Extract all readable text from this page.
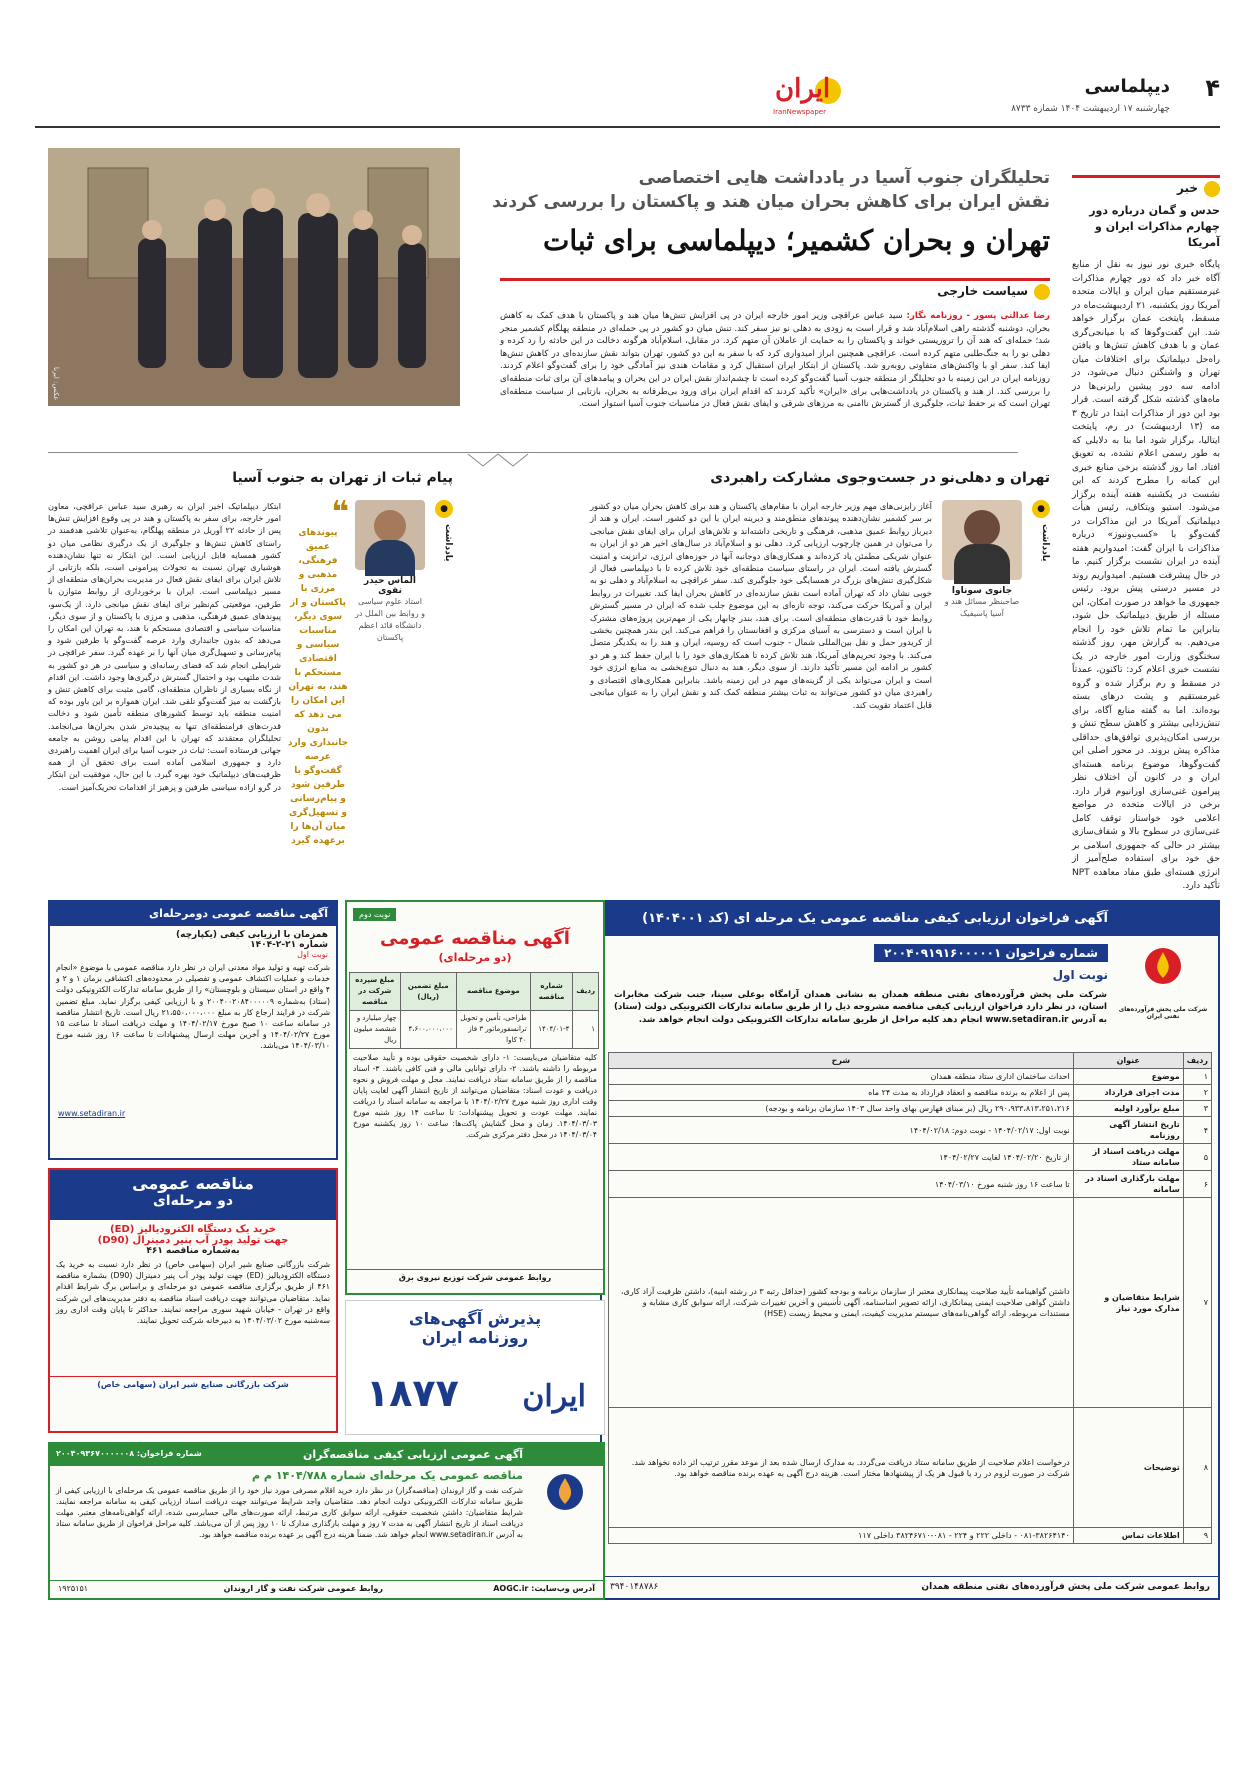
۴
دیپلماسی
چهارشنبه ۱۷ اردیبهشت ۱۴۰۴ شماره ۸۷۳۳
ایران
IranNewspaper
خبر
حدس و گمان درباره دور چهارم مذاکرات ایران و آمریکا
پایگاه خبری نور نیوز به نقل از منابع آگاه خبر داد که دور چهارم مذاکرات غیرمستقیم میان ایران و ایالات متحده آمریکا روز یکشنبه، ۲۱ اردیبهشت‌ماه در مسقط، پایتخت عمان برگزار خواهد شد. این گفت‌وگوها که با میانجی‌گری عمان و با هدف کاهش تنش‌ها و یافتن راه‌حل دیپلماتیک برای اختلافات میان تهران و واشنگتن دنبال می‌شود، در ادامه سه دور پیشین رایزنی‌ها در ماه‌های گذشته شکل گرفته است. قرار بود این دور از مذاکرات ابتدا در تاریخ ۳ مه (۱۳ اردیبهشت) در رم، پایتخت ایتالیا، برگزار شود اما بنا به دلایلی که به طور رسمی اعلام نشده، به تعویق افتاد. اما روز گذشته برخی منابع خبری این کمانه را مطرح کردند که این نشست در یکشنبه هفته آینده برگزار می‌شود. استیو ویتکاف، رئیس هیأت دیپلماتیک آمریکا در این مذاکرات در گفت‌وگو با «کسب‌ونیوز» درباره مذاکرات با ایران گفت: امیدواریم هفته آینده در ایران نشست برگزار کنیم. ما در حال پیشرفت هستیم. امیدواریم روند در مسیر درستی پیش برود. رئیس جمهوری ما خواهد در صورت امکان، این مسئله از طریق دیپلماتیک حل شود، بنابراین ما تمام تلاش خود را انجام می‌دهیم. به گزارش مهر، روز گذشته سخنگوی وزارت امور خارجه در یک نشست خبری اعلام کرد: تاکنون، عمدتاً در مسقط و رم برگزار شده و گروه غیرمستقیم و پشت درهای بسته بوده‌اند. اما به گفته منابع آگاه، برای تنش‌زدایی بیشتر و کاهش سطح تنش و بررسی امکان‌پذیری توافق‌های حداقلی مذاکره پیش بروند. در محور اصلی این گفت‌وگوها، موضوع برنامه هسته‌ای ایران و در کانون آن اختلاف نظر پیرامون غنی‌سازی اورانیوم قرار دارد. برخی در ایالات متحده در مواضع اعلامی خود خواستار توقف کامل غنی‌سازی در سطوح بالا و شفاف‌سازی بیشتر در حالی که جمهوری اسلامی بر حق خود برای استفاده صلح‌آمیز از انرژی هسته‌ای طبق مفاد معاهده NPT تأکید دارد.
عکس: ایرنا
تحلیلگران جنوب آسیا در یادداشت هایی اختصاصی
نقش ایران برای کاهش بحران میان هند و پاکستان را بررسی کردند
تهران و بحران کشمیر؛ دیپلماسی برای ثبات
سیاست خارجی
رضا عدالتی پسور - روزنامه نگار: سید عباس عراقچی وزیر امور خارجه ایران در پی افزایش تنش‌ها میان هند و پاکستان با هدف کمک به کاهش بحران، دوشنبه گذشته راهی اسلام‌آباد شد و قرار است به زودی به دهلی نو نیز سفر کند. تنش میان دو کشور در پی حمله‌ای در منطقه پهلگام کشمیر منجر شد؛ حمله‌ای که هند آن را تروریستی خواند و پاکستان را به حمایت از عاملان آن متهم کرد. در مقابل، اسلام‌آباد هرگونه دخالت در این حادثه را رد کرده و دهلی نو را به جنگ‌طلبی متهم کرده است. عراقچی همچنین ابراز امیدواری کرد که با سفر به این دو کشور، تهران بتواند نقش سازنده‌ای در کاهش تنش‌ها ایفا کند. سفر او با واکنش‌های متفاوتی روبه‌رو شد. پاکستان از ابتکار ایران استقبال کرد و مقامات هندی نیز آمادگی خود را برای گفت‌وگو اعلام کردند. روزنامه ایران در این زمینه با دو تحلیلگر از منطقه جنوب آسیا گفت‌وگو کرده است تا چشم‌انداز نقش ایران در این بحران و پیامدهای آن برای ثبات منطقه‌ای را بررسی کند. از هند و پاکستان در یادداشت‌هایی برای «ایران» تأکید کردند که اقدام ایران برای ورود بی‌طرفانه به بحران، بازتابی از سیاست منطقه‌ای تهران است که بر حفظ ثبات، جلوگیری از گسترش ناامنی به مرزهای شرقی و ایفای نقش فعال در مناسبات جنوب آسیا استوار است.
تهران و دهلی‌نو در جست‌وجوی مشارکت راهبردی
●
یادداشت
جانوی سوناوا
صاحبنظر مسائل هند و آسیا پاسیفیک
آغاز رایزنی‌های مهم وزیر خارجه ایران با مقام‌های پاکستان و هند برای کاهش بحران میان دو کشور بر سر کشمیر نشان‌دهنده پیوندهای منطق‌مند و دیرینه ایران با این دو کشور است. ایران و هند از دیرباز روابط عمیق مذهبی، فرهنگی و تاریخی داشته‌اند و تلاش‌های ایران برای ایفای نقش میانجی را می‌توان در همین چارچوب ارزیابی کرد. دهلی نو و اسلام‌آباد در سال‌های اخیر هر دو از ایران به عنوان شریکی مطمئن یاد کرده‌اند و همکاری‌های دوجانبه آنها در حوزه‌های انرژی، ترانزیت و امنیت گسترش یافته است. ایران در راستای سیاست منطقه‌ای خود تلاش کرده تا با دیپلماسی فعال از شکل‌گیری تنش‌های بزرگ در همسایگی خود جلوگیری کند. سفر عراقچی به اسلام‌آباد و دهلی نو به خوبی نشان داد که تهران آماده است نقش سازنده‌ای در کاهش بحران ایفا کند. تغییرات در روابط ایران و آمریکا حرکت می‌کند، توجه تازه‌ای به این موضوع جلب شده که ایران در مسیر گسترش روابط خود با قدرت‌های منطقه‌ای است. برای هند، بندر چابهار یکی از مهم‌ترین پروژه‌های مشترک با ایران است و دسترسی به آسیای مرکزی و افغانستان را فراهم می‌کند. این بندر همچنین بخشی از کریدور حمل و نقل بین‌المللی شمال - جنوب است که روسیه، ایران و هند را به یکدیگر متصل می‌کند. با وجود تحریم‌های آمریکا، هند تلاش کرده تا همکاری‌های خود را با ایران حفظ کند و هر دو کشور بر ادامه این مسیر تأکید دارند. از سوی دیگر، هند به دنبال تنوع‌بخشی به منابع انرژی خود است و ایران می‌تواند یکی از گزینه‌های مهم در این زمینه باشد. بنابراین همکاری‌های اقتصادی و راهبردی میان دو کشور می‌تواند به ثبات بیشتر منطقه کمک کند و نقش ایران را به عنوان میانجی قابل اعتماد تقویت کند.
پیام ثبات از تهران به جنوب آسیا
●
یادداشت
الماس حیدر نقوی
استاد علوم سیاسی و روابط بین الملل در دانشگاه قائد اعظم پاکستان
❝
پیوندهای عمیق فرهنگی، مذهبی و مرزی با پاکستان و از سوی دیگر، مناسبات سیاسی و اقتصادی مستحکم با هند، به تهران این امکان را می دهد که بدون جانبداری وارد عرصه گفت‌وگو با طرفین شود و پیام‌رسانی و تسهیل‌گری میان آن‌ها را برعهده گیرد
ابتکار دیپلماتیک اخیر ایران به رهبری سید عباس عراقچی، معاون امور خارجه، برای سفر به پاکستان و هند در پی وقوع افزایش تنش‌ها پس از حادثه ۲۲ آوریل در منطقه پهلگام، به‌عنوان تلاشی هدفمند در راستای کاهش تنش‌ها و جلوگیری از یک درگیری نظامی میان دو کشور همسایه قابل ارزیابی است. این ابتکار نه تنها نشان‌دهنده هوشیاری تهران نسبت به تحولات پیرامونی است، بلکه بازتابی از تلاش ایران برای ایفای نقش فعال در مدیریت بحران‌های منطقه‌ای از مسیر دیپلماسی است. ایران با برخورداری از روابط متوازن با طرفین، موقعیتی کم‌نظیر برای ایفای نقش میانجی دارد. از یک‌سو، پیوندهای عمیق فرهنگی، مذهبی و مرزی با پاکستان و از سوی دیگر، مناسبات سیاسی و اقتصادی مستحکم با هند، به تهران این امکان را می‌دهد که بدون جانبداری وارد عرصه گفت‌وگو با طرفین شود و پیام‌رسانی و تسهیل‌گری میان آنها را بر عهده گیرد. سفر عراقچی در شرایطی انجام شد که فضای رسانه‌ای و سیاسی در هر دو کشور به شدت ملتهب بود و احتمال گسترش درگیری‌ها وجود داشت. این اقدام از نگاه بسیاری از ناظران منطقه‌ای، گامی مثبت برای کاهش تنش و بازگشت به میز گفت‌وگو تلقی شد. ایران همواره بر این باور بوده که امنیت منطقه باید توسط کشورهای منطقه تأمین شود و دخالت قدرت‌های فرامنطقه‌ای تنها به پیچیده‌تر شدن بحران‌ها می‌انجامد. تحلیلگران معتقدند که تهران با این اقدام پیامی روشن به جامعه جهانی فرستاده است: ثبات در جنوب آسیا برای ایران اهمیت راهبردی دارد و جمهوری اسلامی آماده است برای تحقق آن از همه ظرفیت‌های دیپلماتیک خود بهره گیرد. با این حال، موفقیت این ابتکار در گرو اراده سیاسی طرفین و پرهیز از اقدامات تحریک‌آمیز است.
آگهی فراخوان ارزیابی کیفی مناقصه عمومی یک مرحله ای (کد ۱۴۰۴۰۰۱)
شرکت ملی پخش فرآورده‌های نفتی ایران
شماره فراخوان ۲۰۰۴۰۹۱۹۱۶۰۰۰۰۰۱
نوبت اول
شرکت ملی پخش فرآورده‌های نفتی منطقه همدان به نشانی همدان آرامگاه بوعلی سینا، جنب شرکت مخابرات استان، در نظر دارد فراخوان ارزیابی کیفی مناقصه مشروحه ذیل را از طریق سامانه تدارکات الکترونیکی دولت (ستاد) به آدرس www.setadiran.ir انجام دهد کلیه مراحل از طریق سامانه تدارکات الکترونیکی دولت انجام خواهد شد.
ردیف	عنوان	شرح
۱	موضوع	احداث ساختمان اداری ستاد منطقه همدان
۲	مدت اجرای قرارداد	پس از اعلام به برنده مناقصه و انعقاد قرارداد به مدت ۲۴ ماه
۳	مبلغ برآورد اولیه	۲۹۰،۹۳۳،۸۱۳،۲۵۱،۲۱۶ ریال (بر مبنای فهارس بهای واحد سال ۱۴۰۳ سازمان برنامه و بودجه)
۴	تاریخ انتشار آگهی روزنامه	نوبت اول: ۱۴۰۴/۰۲/۱۷ - نوبت دوم: ۱۴۰۴/۰۲/۱۸
۵	مهلت دریافت اسناد از سامانه ستاد	از تاریخ ۱۴۰۴/۰۲/۲۰ لغایت ۱۴۰۴/۰۲/۲۷
۶	مهلت بارگذاری اسناد در سامانه	تا ساعت ۱۶ روز شنبه مورخ ۱۴۰۴/۰۳/۱۰
۷	شرایط متقاضیان و مدارک مورد نیاز	داشتن گواهینامه تأیید صلاحیت پیمانکاری معتبر از سازمان برنامه و بودجه کشور (حداقل رتبه ۳ در رشته ابنیه)، داشتن ظرفیت آزاد کاری، داشتن گواهی صلاحیت ایمنی پیمانکاری، ارائه تصویر اساسنامه، آگهی تأسیس و آخرین تغییرات شرکت، ارائه سوابق کاری مشابه و مستندات مربوطه، ارائه گواهی‌نامه‌های سیستم مدیریت کیفیت، ایمنی و محیط زیست (HSE)
۸	توضیحات	درخواست اعلام صلاحیت از طریق سامانه ستاد دریافت می‌گردد. به مدارک ارسال شده بعد از موعد مقرر ترتیب اثر داده نخواهد شد. شرکت در صورت لزوم در رد یا قبول هر یک از پیشنهادها مختار است. هزینه درج آگهی به عهده برنده مناقصه خواهد بود.
۹	اطلاعات تماس	۰۸۱-۳۸۲۶۴۱۴۰ - داخلی ۲۲۲ و ۲۲۴ - ۰۸۱-۳۸۲۴۶۷۱۰ داخلی ۱۱۷
روابط عمومی شرکت ملی پخش فرآورده‌های نفتی منطقه همدان
۳۹۴۰۱۴۸۷۸۶
نوبت دوم
آگهی مناقصه عمومی
(دو مرحله‌ای)
ردیف	شماره مناقصه	موضوع مناقصه	مبلغ تضمین (ریال)	مبلغ سپرده شرکت در مناقصه
۱	۱۴۰۴/۰۱-۴	طراحی، تأمین و تحویل ترانسفورماتور ۳ فاز ۴۰ کاوا	۴،۶۰۰،۰۰۰،۰۰۰	چهار میلیارد و ششصد میلیون ریال
کلیه متقاضیان می‌بایست: ۱- دارای شخصیت حقوقی بوده و تأیید صلاحیت مربوطه را داشته باشند. ۲- دارای توانایی مالی و فنی کافی باشند. ۳- اسناد مناقصه را از طریق سامانه ستاد دریافت نمایند. محل و مهلت فروش و نحوه دریافت و عودت اسناد: متقاضیان می‌توانند از تاریخ انتشار آگهی لغایت پایان وقت اداری روز شنبه مورخ ۱۴۰۴/۰۲/۲۷ با مراجعه به سامانه اسناد را دریافت نمایند. مهلت عودت و تحویل پیشنهادات: تا ساعت ۱۴ روز شنبه مورخ ۱۴۰۴/۰۳/۰۳. زمان و محل گشایش پاکت‌ها: ساعت ۱۰ روز یکشنبه مورخ ۱۴۰۴/۰۳/۰۴ در محل دفتر مرکزی شرکت.
روابط عمومی شرکت توزیع نیروی برق
پذیرش آگهی‌های
روزنامه ایران
۱۸۷۷ ایران
آگهی مناقصه عمومی دومرحله‌ای
همزمان با ارزیابی کیفی (یکپارچه)
شماره ۲۱-۲-۱۴۰۴
نوبت اول
شرکت تهیه و تولید مواد معدنی ایران در نظر دارد مناقصه عمومی با موضوع «انجام خدمات و عملیات اکتشاف عمومی و تفصیلی در محدوده‌های اکتشافی بزمان ۱ و ۲ و ۴ واقع در استان سیستان و بلوچستان» را از طریق سامانه تدارکات الکترونیکی دولت (ستاد) به‌شماره ۲۰۰۴۰۰۲۰۸۴۰۰۰۰۰۹ و با ارزیابی کیفی برگزار نماید. مبلغ تضمین شرکت در فرایند ارجاع کار به مبلغ ۲۱،۵۵۰،۰۰۰،۰۰۰ ریال است. تاریخ انتشار مناقصه در سامانه ساعت ۱۰ صبح مورخ ۱۴۰۴/۰۲/۱۷ و مهلت دریافت اسناد تا ساعت ۱۵ مورخ ۱۴۰۴/۰۲/۲۷ و آخرین مهلت ارسال پیشنهادات تا ساعت ۱۶ روز شنبه مورخ ۱۴۰۴/۰۳/۱۰ می‌باشد.
www.setadiran.ir
مناقصه عمومی
دو مرحله‌ای
خرید یک دستگاه الکترودیالیز (ED)
جهت تولید پودر آب پنیر دمینرال (D90)
به‌شماره مناقصه ۴۶۱
شرکت بازرگانی صنایع شیر ایران (سهامی خاص) در نظر دارد نسبت به خرید یک دستگاه الکترودیالیز (ED) جهت تولید پودر آب پنیر دمینرال (D90) بشماره مناقصه ۴۶۱ از طریق برگزاری مناقصه عمومی دو مرحله‌ای و براساس برگ شرایط اقدام نماید. متقاضیان می‌توانند جهت دریافت اسناد مناقصه به دفتر مدیریت‌های این شرکت واقع در تهران - خیابان شهید سوری مراجعه نمایند. حداکثر تا پایان وقت اداری روز سه‌شنبه مورخ ۱۴۰۴/۰۳/۰۲ به دبیرخانه شرکت تحویل نمایند.
شرکت بازرگانی صنایع شیر ایران (سهامی خاص)
آگهی عمومی ارزیابی کیفی مناقصه‌گران
شماره فراخوان: ۲۰۰۴۰۹۳۶۷۰۰۰۰۰۰۸
مناقصه عمومی یک مرحله‌ای شماره ۱۴۰۴/۷۸۸ م م
شرکت نفت و گاز اروندان (مناقصه‌گزار) در نظر دارد خرید اقلام مصرفی مورد نیاز خود را از طریق مناقصه عمومی یک مرحله‌ای با ارزیابی کیفی از طریق سامانه تدارکات الکترونیکی دولت انجام دهد. متقاضیان واجد شرایط می‌توانند جهت دریافت اسناد ارزیابی کیفی به سامانه مراجعه نمایند. شرایط متقاضیان: داشتن شخصیت حقوقی، ارائه سوابق کاری مرتبط، ارائه صورت‌های مالی حسابرسی شده، ارائه گواهی‌نامه‌های معتبر. مهلت دریافت اسناد از تاریخ انتشار آگهی به مدت ۷ روز و مهلت بارگذاری مدارک تا ۱۰ روز پس از آن می‌باشد. کلیه مراحل فراخوان از طریق سامانه ستاد به آدرس www.setadiran.ir انجام خواهد شد. ضمناً هزینه درج آگهی بر عهده برنده مناقصه خواهد بود.
آدرس وب‌سایت: AOGC.ir
روابط عمومی شرکت نفت و گاز اروندان
۱۹۲۵۱۵۱
